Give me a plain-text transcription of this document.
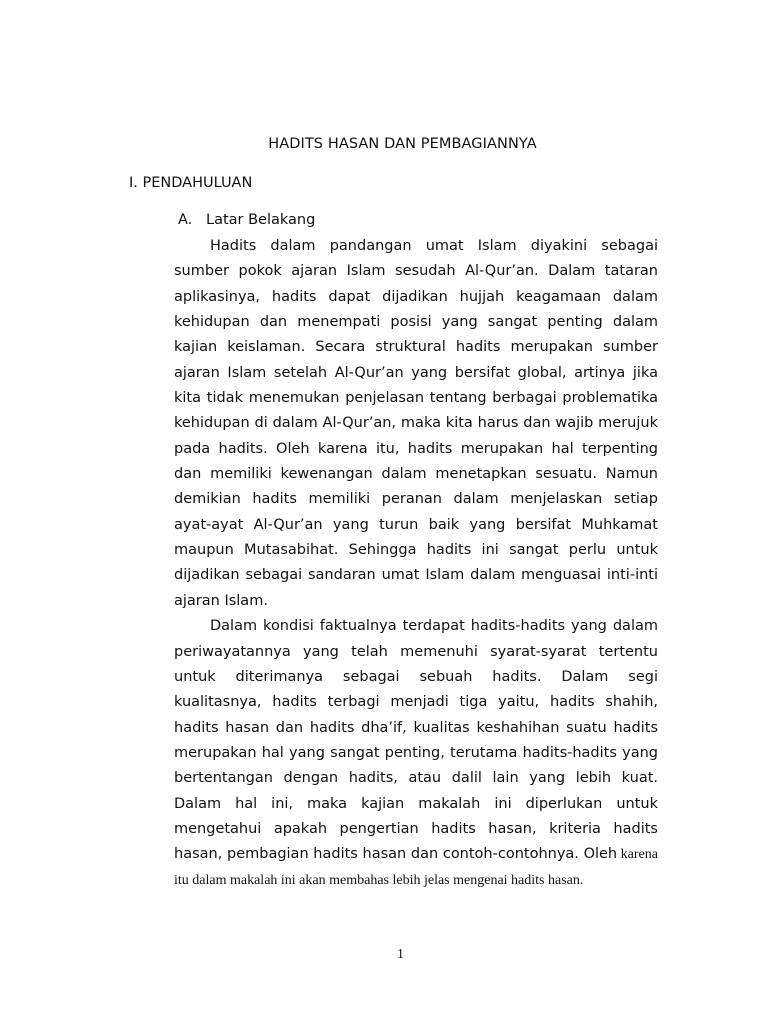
HADITS HASAN DAN PEMBAGIANNYA
I. PENDAHULUAN
A. Latar Belakang

Hadits dalam pandangan umat Islam diyakini sebagai sumber pokok ajaran Islam sesudah Al-Qur’an. Dalam tataran aplikasinya, hadits dapat dijadikan hujjah keagamaan dalam kehidupan dan menempati posisi yang sangat penting dalam kajian keislaman. Secara struktural hadits merupakan sumber ajaran Islam setelah Al-Qur’an yang bersifat global, artinya jika kita tidak menemukan penjelasan tentang berbagai problematika kehidupan di dalam Al-Qur’an, maka kita harus dan wajib merujuk pada hadits. Oleh karena itu, hadits merupakan hal terpenting dan memiliki kewenangan dalam menetapkan sesuatu. Namun demikian hadits memiliki peranan dalam menjelaskan setiap ayat-ayat Al-Qur’an yang turun baik yang bersifat Muhkamat maupun Mutasabihat. Sehingga hadits ini sangat perlu untuk dijadikan sebagai sandaran umat Islam dalam menguasai inti-inti ajaran Islam.

Dalam kondisi faktualnya terdapat hadits-hadits yang dalam periwayatannya yang telah memenuhi syarat-syarat tertentu untuk diterimanya sebagai sebuah hadits. Dalam segi kualitasnya, hadits terbagi menjadi tiga yaitu, hadits shahih, hadits hasan dan hadits dha’if, kualitas keshahihan suatu hadits merupakan hal yang sangat penting, terutama hadits-hadits yang bertentangan dengan hadits, atau dalil lain yang lebih kuat. Dalam hal ini, maka kajian makalah ini diperlukan untuk mengetahui apakah pengertian hadits hasan, kriteria hadits hasan, pembagian hadits hasan dan contoh-contohnya. Oleh karena itu dalam makalah ini akan membahas lebih jelas mengenai hadits hasan.

1
